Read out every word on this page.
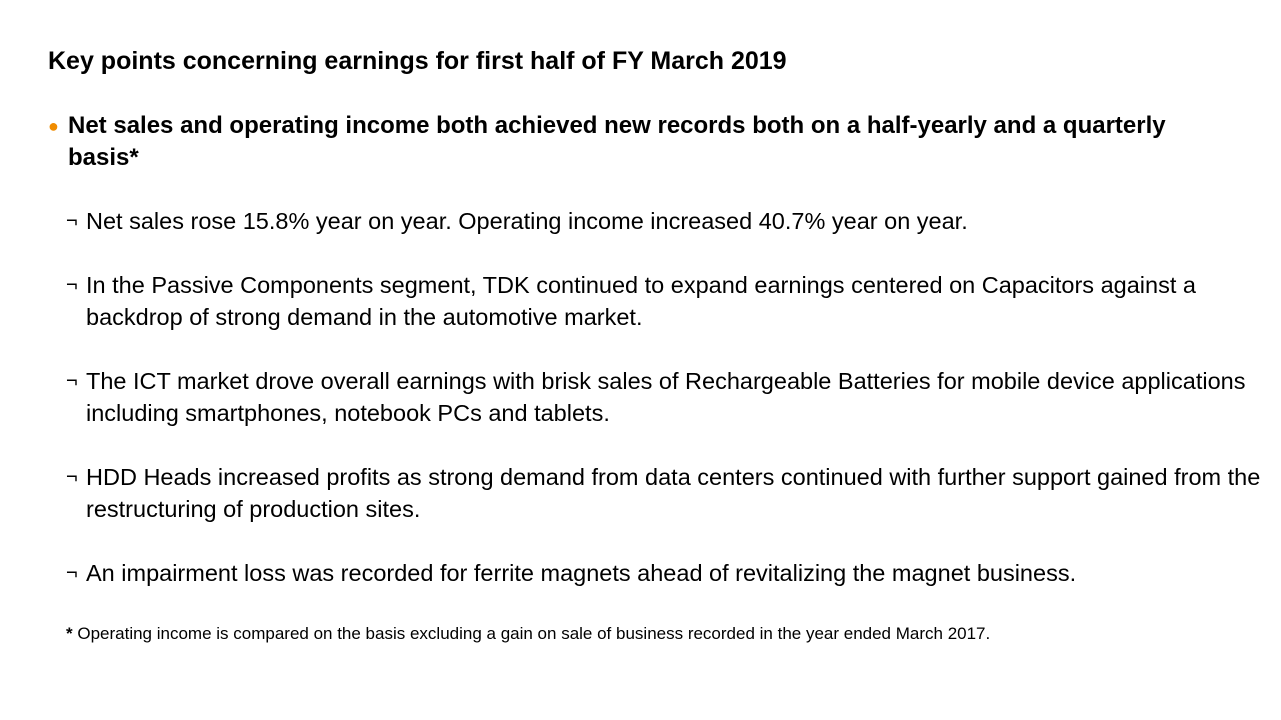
Key points concerning earnings for first half of FY March 2019
● Net sales and operating income both achieved new records both on a half-yearly and a quarterly basis*
¬ Net sales rose 15.8% year on year. Operating income increased 40.7% year on year.
¬ In the Passive Components segment, TDK continued to expand earnings centered on Capacitors against a backdrop of strong demand in the automotive market.
¬ The ICT market drove overall earnings with brisk sales of Rechargeable Batteries for mobile device applications including smartphones, notebook PCs and tablets.
¬ HDD Heads increased profits as strong demand from data centers continued with further support gained from the restructuring of production sites.
¬ An impairment loss was recorded for ferrite magnets ahead of revitalizing the magnet business.
* Operating income is compared on the basis excluding a gain on sale of business recorded in the year ended March 2017.
